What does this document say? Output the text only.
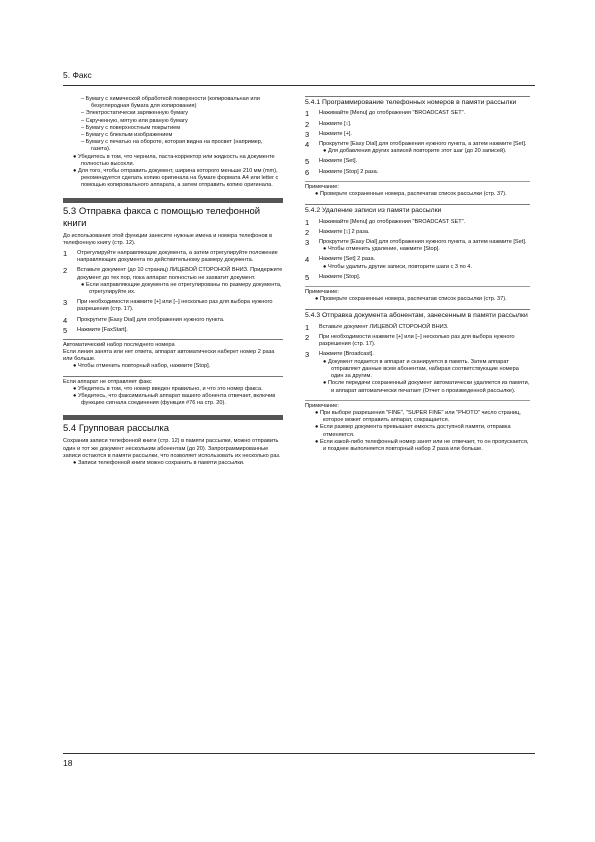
5. Факс
– Бумагу с химической обработкой поверхности (копировальная или безуглеродная бумага для копирования)
– Электростатически заряженную бумагу
– Скрученную, мятую или рваную бумагу
– Бумагу с поверхностным покрытием
– Бумагу с блеклым изображением
– Бумагу с печатью на обороте, которая видна на просвет (например, газета).
● Убедитесь в том, что чернила, паста-корректор или жидкость на документе полностью высохли.
● Для того, чтобы отправить документ, ширина которого меньше 210 мм (mm), рекомендуется сделать копию оригинала на бумаге формата A4 или letter с помощью копировального аппарата, а затем отправить копию оригинала.
5.3 Отправка факса с помощью телефонной книги
До использования этой функции занесите нужные имена и номера телефонов в телефонную книгу (стр. 12).
1	Отрегулируйте направляющие документа, а затем отрегулируйте положение направляющих документа по действительному размеру документа.
2	Вставьте документ (до 10 страниц) ЛИЦЕВОЙ СТОРОНОЙ ВНИЗ. Придержите документ до тех пор, пока аппарат полностью не захватит документ.
● Если направляющие документа не отрегулированы по размеру документа, отрегулируйте их.
3	При необходимости нажмите [+] или [−] несколько раз для выбора нужного разрешения (стр. 17).
4	Прокрутите [Easy Dial] для отображения нужного пункта.
5	Нажмите [FaxStart].
Автоматический набор последнего номера
Если линия занята или нет ответа, аппарат автоматически наберет номер 2 раза или больше.
● Чтобы отменить повторный набор, нажмите [Stop].
Если аппарат не отправляет факс
● Убедитесь в том, что номер введен правильно, и что это номер факса.
● Убедитесь, что факсимильный аппарат вашего абонента отвечает, включив функцию сигнала соединения (функция #76 на стр. 20).
5.4 Групповая рассылка
Сохранив записи телефонной книги (стр. 12) в памяти рассылки, можно отправить один и тот же документ нескольким абонентам (до 20). Запрограммированные записи остаются в памяти рассылки, что позволяет использовать их несколько раз.
● Записи телефонной книги можно сохранить в памяти рассылки.
5.4.1 Программирование телефонных номеров в памяти рассылки
1	Нажимайте [Menu] до отображения "BROADCAST SET".
2	Нажмите [↕].
3	Нажмите [+].
4	Прокрутите [Easy Dial] для отображения нужного пункта, а затем нажмите [Set].
● Для добавления других записей повторите этот шаг (до 20 записей).
5	Нажмите [Set].
6	Нажмите [Stop] 2 раза.
Примечание:
● Проверьте сохраненные номера, распечатав список рассылки (стр. 37).
5.4.2 Удаление записи из памяти рассылки
1	Нажимайте [Menu] до отображения "BROADCAST SET".
2	Нажмите [↕] 2 раза.
3	Прокрутите [Easy Dial] для отображения нужного пункта, а затем нажмите [Set].
● Чтобы отменить удаление, нажмите [Stop].
4	Нажмите [Set] 2 раза.
● Чтобы удалить другие записи, повторите шаги с 3 по 4.
5	Нажмите [Stop].
Примечание:
● Проверьте сохраненные номера, распечатав список рассылки (стр. 37).
5.4.3 Отправка документа абонентам, занесенным в памяти рассылки
1	Вставьте документ ЛИЦЕВОЙ СТОРОНОЙ ВНИЗ.
2	При необходимости нажмите [+] или [−] несколько раз для выбора нужного разрешения (стр. 17).
3	Нажмите [Broadcast].
● Документ подается в аппарат и сканируется в память. Затем аппарат отправляет данные всем абонентам, набирая соответствующие номера один за другим.
● После передачи сохраненный документ автоматически удаляется из памяти, и аппарат автоматически печатает (Отчет о произведенной рассылке).
Примечание:
● При выборе разрешения "FINE", "SUPER FINE" или "PHOTO" число страниц, которое может отправить аппарат, сокращается.
● Если размер документа превышает емкость доступной памяти, отправка отменяется.
● Если какой-либо телефонный номер занят или не отвечает, то он пропускается, и позднее выполняется повторный набор 2 раза или больше.
18
